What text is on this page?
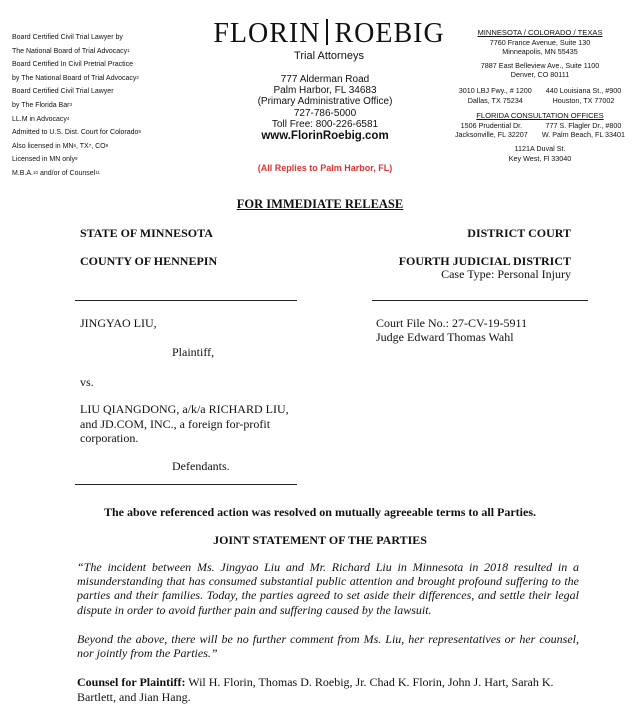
Board Certified Civil Trial Lawyer by
The National Board of Trial Advocacy$^1$
Board Certified In Civil Pretrial Practice
by The National Board of Trial Advocacy$^2$
Board Certified Civil Trial Lawyer
by The Florida Bar$^3$
LL.M in Advocacy$^4$
Admitted to U.S. Dist. Court for Colorado$^5$
Also licensed in $MN^6$, $TX^7$, $CO^8$
Licensed in MN only$^9$
M.B.A.$^{10}$ and/or of Counsel$^{11}$
FLORIN ROEBIG
Trial Attorneys
777 Alderman Road
Palm Harbor, FL 34683
(Primary Administrative Office)
727-786-5000
Toll Free: 800-226-6581
www.FlorinRoebig.com
(All Replies to Palm Harbor, FL)
MINNESOTA / COLORADO / TEXAS
7760 France Avenue, Suite 130
Minneapolis, MN 55435
7887 East Belleview Ave., Suite 1100
Denver, CO 80111
3010 LBJ Fwy., # 1200
Dallas, TX 75234
440 Louisiana St., #900
Houston, TX 77002
FLORIDA CONSULTATION OFFICES
1506 Prudential Dr.
Jacksonville, FL 32207
777 S. Flagler Dr., #800
W. Palm Beach, FL 33401
1121A Duval St.
Key West, Fl 33040
FOR IMMEDIATE RELEASE
STATE OF MINNESOTA
COUNTY OF HENNEPIN
DISTRICT COURT
FOURTH JUDICIAL DISTRICT
Case Type: Personal Injury
JINGYAO LIU,
Plaintiff,
vs.
LIU QIANGDONG, a/k/a RICHARD LIU,
and JD.COM, INC., a foreign for-profit
corporation.
Defendants.
Court File No.: 27-CV-19-5911
Judge Edward Thomas Wahl
The above referenced action was resolved on mutually agreeable terms to all Parties.
JOINT STATEMENT OF THE PARTIES
“The incident between Ms. Jingyao Liu and Mr. Richard Liu in Minnesota in 2018 resulted in a misunderstanding that has consumed substantial public attention and brought profound suffering to the parties and their families. Today, the parties agreed to set aside their differences, and settle their legal dispute in order to avoid further pain and suffering caused by the lawsuit.
Beyond the above, there will be no further comment from Ms. Liu, her representatives or her counsel, nor jointly from the Parties.”
Counsel for Plaintiff: Wil H. Florin, Thomas D. Roebig, Jr. Chad K. Florin, John J. Hart, Sarah K. Bartlett, and Jian Hang.
